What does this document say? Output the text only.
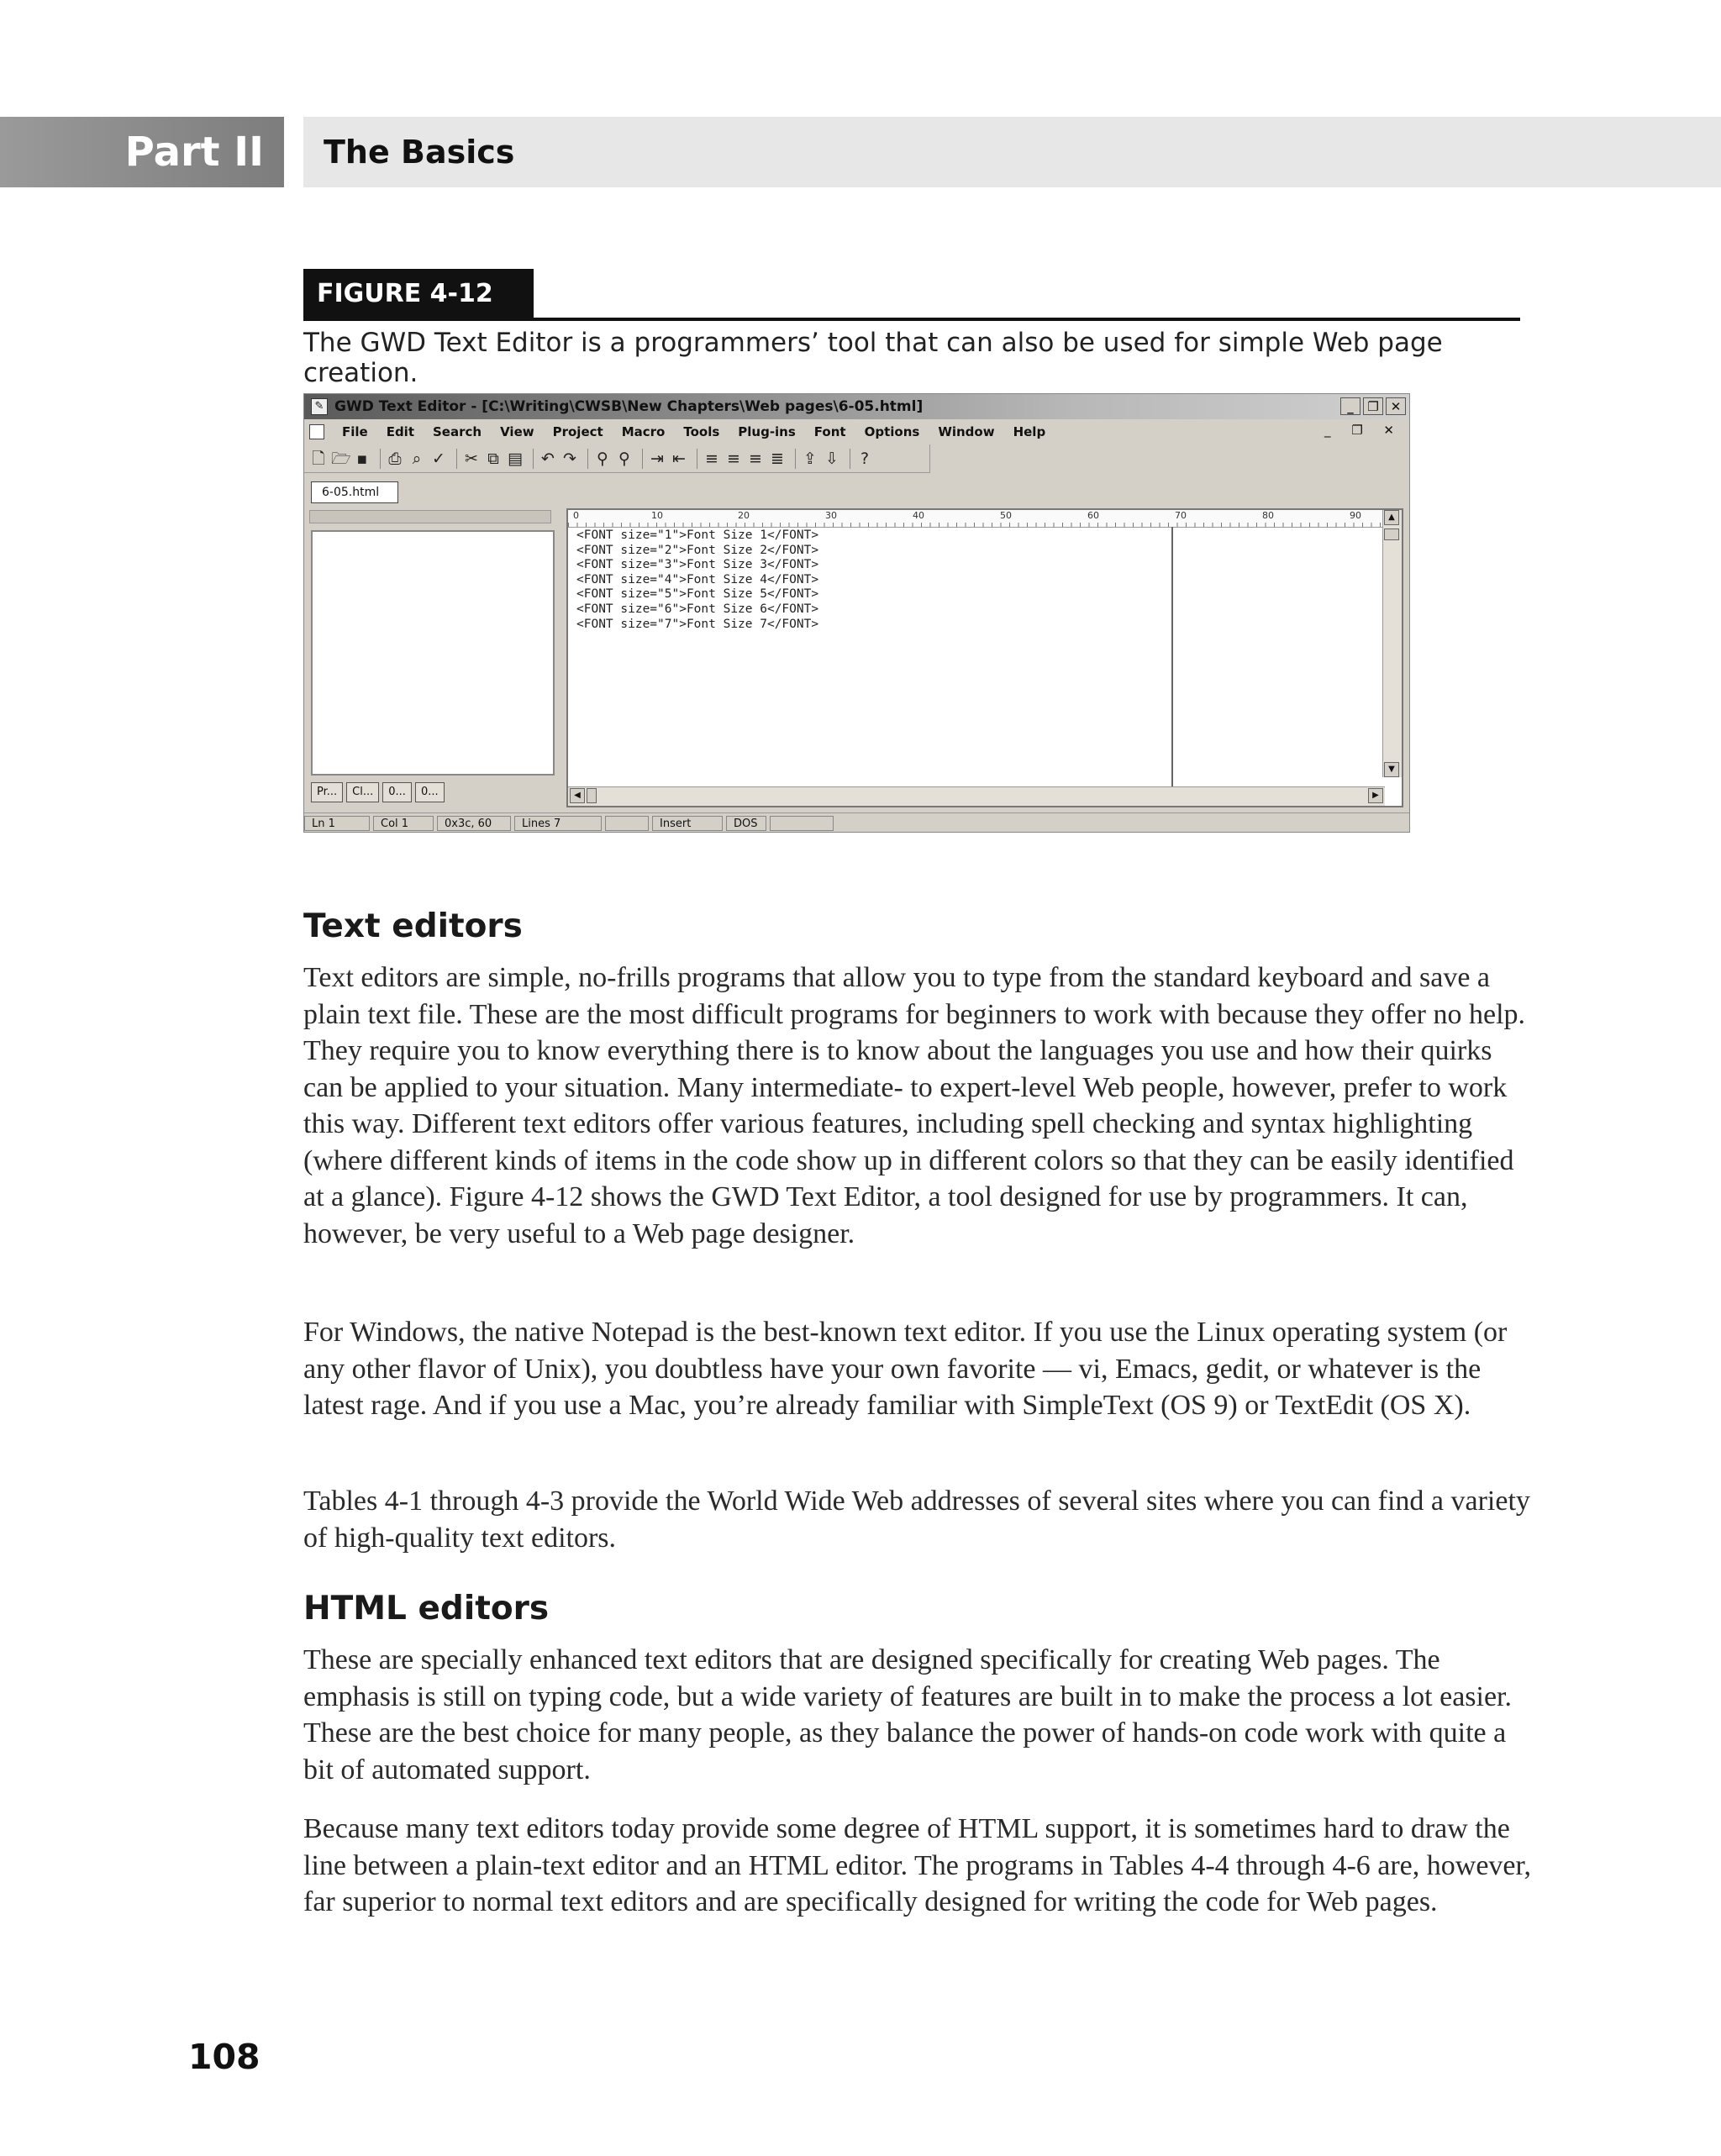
Part II	The Basics
FIGURE 4-12
The GWD Text Editor is a programmers’ tool that can also be used for simple Web page creation.
✎ GWD Text Editor - [C:\Writing\CWSB\New Chapters\Web pages\6-05.html]	_	❐ ✕
File	Edit	Search	View	Project	Macro	Tools	Plug-ins	Font	Options	Window	Help	_ ❐ ✕
🗋 🗁 ▪ ⎙ ⌕ ✓ ✂ ⧉ ▤ ↶ ↷ ⚲ ⚲ ⇥ ⇤ ≡ ≡ ≡ ≣ ⇪ ⇩	?
6-05.html
Pr...	Cl...	0...	0...
0	10	20	30	40	50	60	70	80	90
<FONT size="1">Font Size 1</FONT>
<FONT size="2">Font Size 2</FONT>
<FONT size="3">Font Size 3</FONT>
<FONT size="4">Font Size 4</FONT>
<FONT size="5">Font Size 5</FONT>
<FONT size="6">Font Size 6</FONT>
<FONT size="7">Font Size 7</FONT>
▲
▼
◀	▶
Ln 1	Col 1	0x3c, 60	Lines 7	Insert	DOS
Text editors

Text editors are simple, no-frills programs that allow you to type from the standard keyboard and save a plain text file. These are the most difficult programs for beginners to work with because they offer no help. They require you to know everything there is to know about the languages you use and how their quirks can be applied to your situation. Many intermediate- to expert-level Web people, however, prefer to work this way. Different text editors offer various features, including spell checking and syntax highlighting (where different kinds of items in the code show up in different colors so that they can be easily identified at a glance). Figure 4-12 shows the GWD Text Editor, a tool designed for use by programmers. It can, however, be very useful to a Web page designer.

For Windows, the native Notepad is the best-known text editor. If you use the Linux operating system (or any other flavor of Unix), you doubtless have your own favorite — vi, Emacs, gedit, or whatever is the latest rage. And if you use a Mac, you’re already familiar with SimpleText (OS 9) or TextEdit (OS X).

Tables 4-1 through 4-3 provide the World Wide Web addresses of several sites where you can find a variety of high-quality text editors.

HTML editors

These are specially enhanced text editors that are designed specifically for creating Web pages. The emphasis is still on typing code, but a wide variety of features are built in to make the process a lot easier. These are the best choice for many people, as they balance the power of hands-on code work with quite a bit of automated support.

Because many text editors today provide some degree of HTML support, it is sometimes hard to draw the line between a plain-text editor and an HTML editor. The programs in Tables 4-4 through 4-6 are, however, far superior to normal text editors and are specifically designed for writing the code for Web pages.

108
